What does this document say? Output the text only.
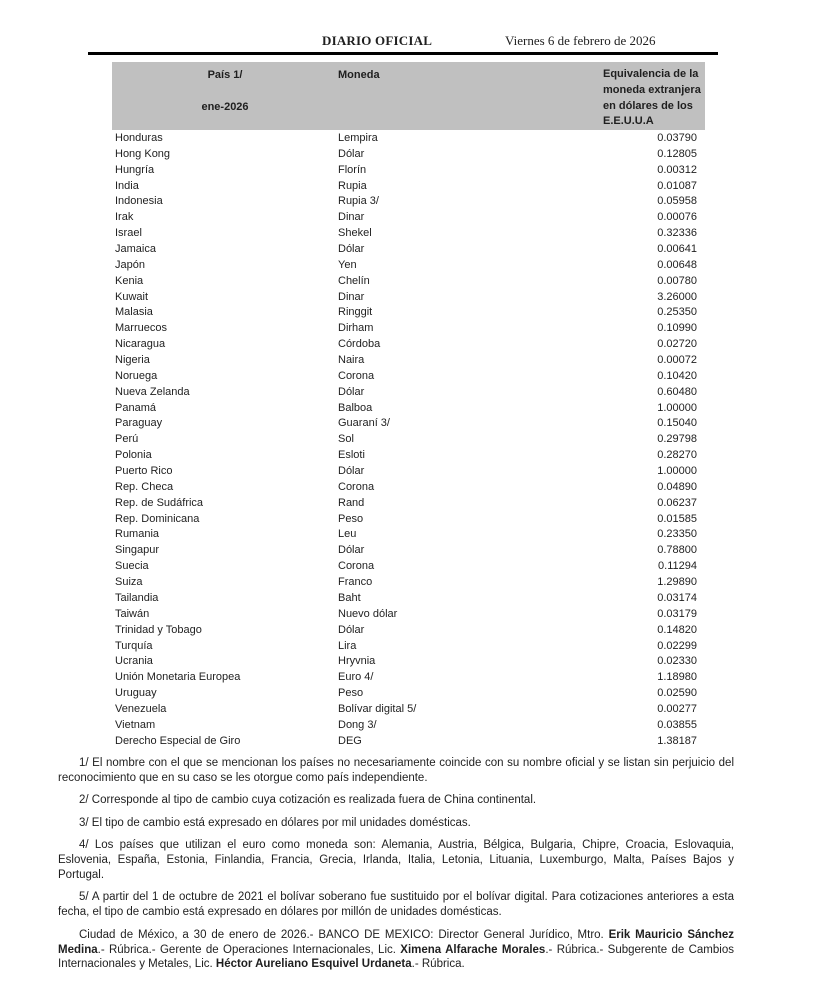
DIARIO OFICIAL	Viernes 6 de febrero de 2026
País 1/
ene-2026
Moneda	Equivalencia de la
moneda extranjera
en dólares de los
E.E.U.U.A
Honduras	Lempira	0.03790
Hong Kong	Dólar	0.12805
Hungría	Florín	0.00312
India	Rupia	0.01087
Indonesia	Rupia 3/	0.05958
Irak	Dinar	0.00076
Israel	Shekel	0.32336
Jamaica	Dólar	0.00641
Japón	Yen	0.00648
Kenia	Chelín	0.00780
Kuwait	Dinar	3.26000
Malasia	Ringgit	0.25350
Marruecos	Dirham	0.10990
Nicaragua	Córdoba	0.02720
Nigeria	Naira	0.00072
Noruega	Corona	0.10420
Nueva Zelanda	Dólar	0.60480
Panamá	Balboa	1.00000
Paraguay	Guaraní 3/	0.15040
Perú	Sol	0.29798
Polonia	Esloti	0.28270
Puerto Rico	Dólar	1.00000
Rep. Checa	Corona	0.04890
Rep. de Sudáfrica	Rand	0.06237
Rep. Dominicana	Peso	0.01585
Rumania	Leu	0.23350
Singapur	Dólar	0.78800
Suecia	Corona	0.11294
Suiza	Franco	1.29890
Tailandia	Baht	0.03174
Taiwán	Nuevo dólar	0.03179
Trinidad y Tobago	Dólar	0.14820
Turquía	Lira	0.02299
Ucrania	Hryvnia	0.02330
Unión Monetaria Europea	Euro 4/	1.18980
Uruguay	Peso	0.02590
Venezuela	Bolívar digital 5/	0.00277
Vietnam	Dong 3/	0.03855
Derecho Especial de Giro	DEG	1.38187

1/ El nombre con el que se mencionan los países no necesariamente coincide con su nombre oficial y se listan sin perjuicio del reconocimiento que en su caso se les otorgue como país independiente.

2/ Corresponde al tipo de cambio cuya cotización es realizada fuera de China continental.

3/ El tipo de cambio está expresado en dólares por mil unidades domésticas.

4/ Los países que utilizan el euro como moneda son: Alemania, Austria, Bélgica, Bulgaria, Chipre, Croacia, Eslovaquia, Eslovenia, España, Estonia, Finlandia, Francia, Grecia, Irlanda, Italia, Letonia, Lituania, Luxemburgo, Malta, Países Bajos y Portugal.

5/ A partir del 1 de octubre de 2021 el bolívar soberano fue sustituido por el bolívar digital. Para cotizaciones anteriores a esta fecha, el tipo de cambio está expresado en dólares por millón de unidades domésticas.

Ciudad de México, a 30 de enero de 2026.- BANCO DE MEXICO: Director General Jurídico, Mtro. Erik Mauricio Sánchez Medina.- Rúbrica.- Gerente de Operaciones Internacionales, Lic. Ximena Alfarache Morales.- Rúbrica.- Subgerente de Cambios Internacionales y Metales, Lic. Héctor Aureliano Esquivel Urdaneta.- Rúbrica.
